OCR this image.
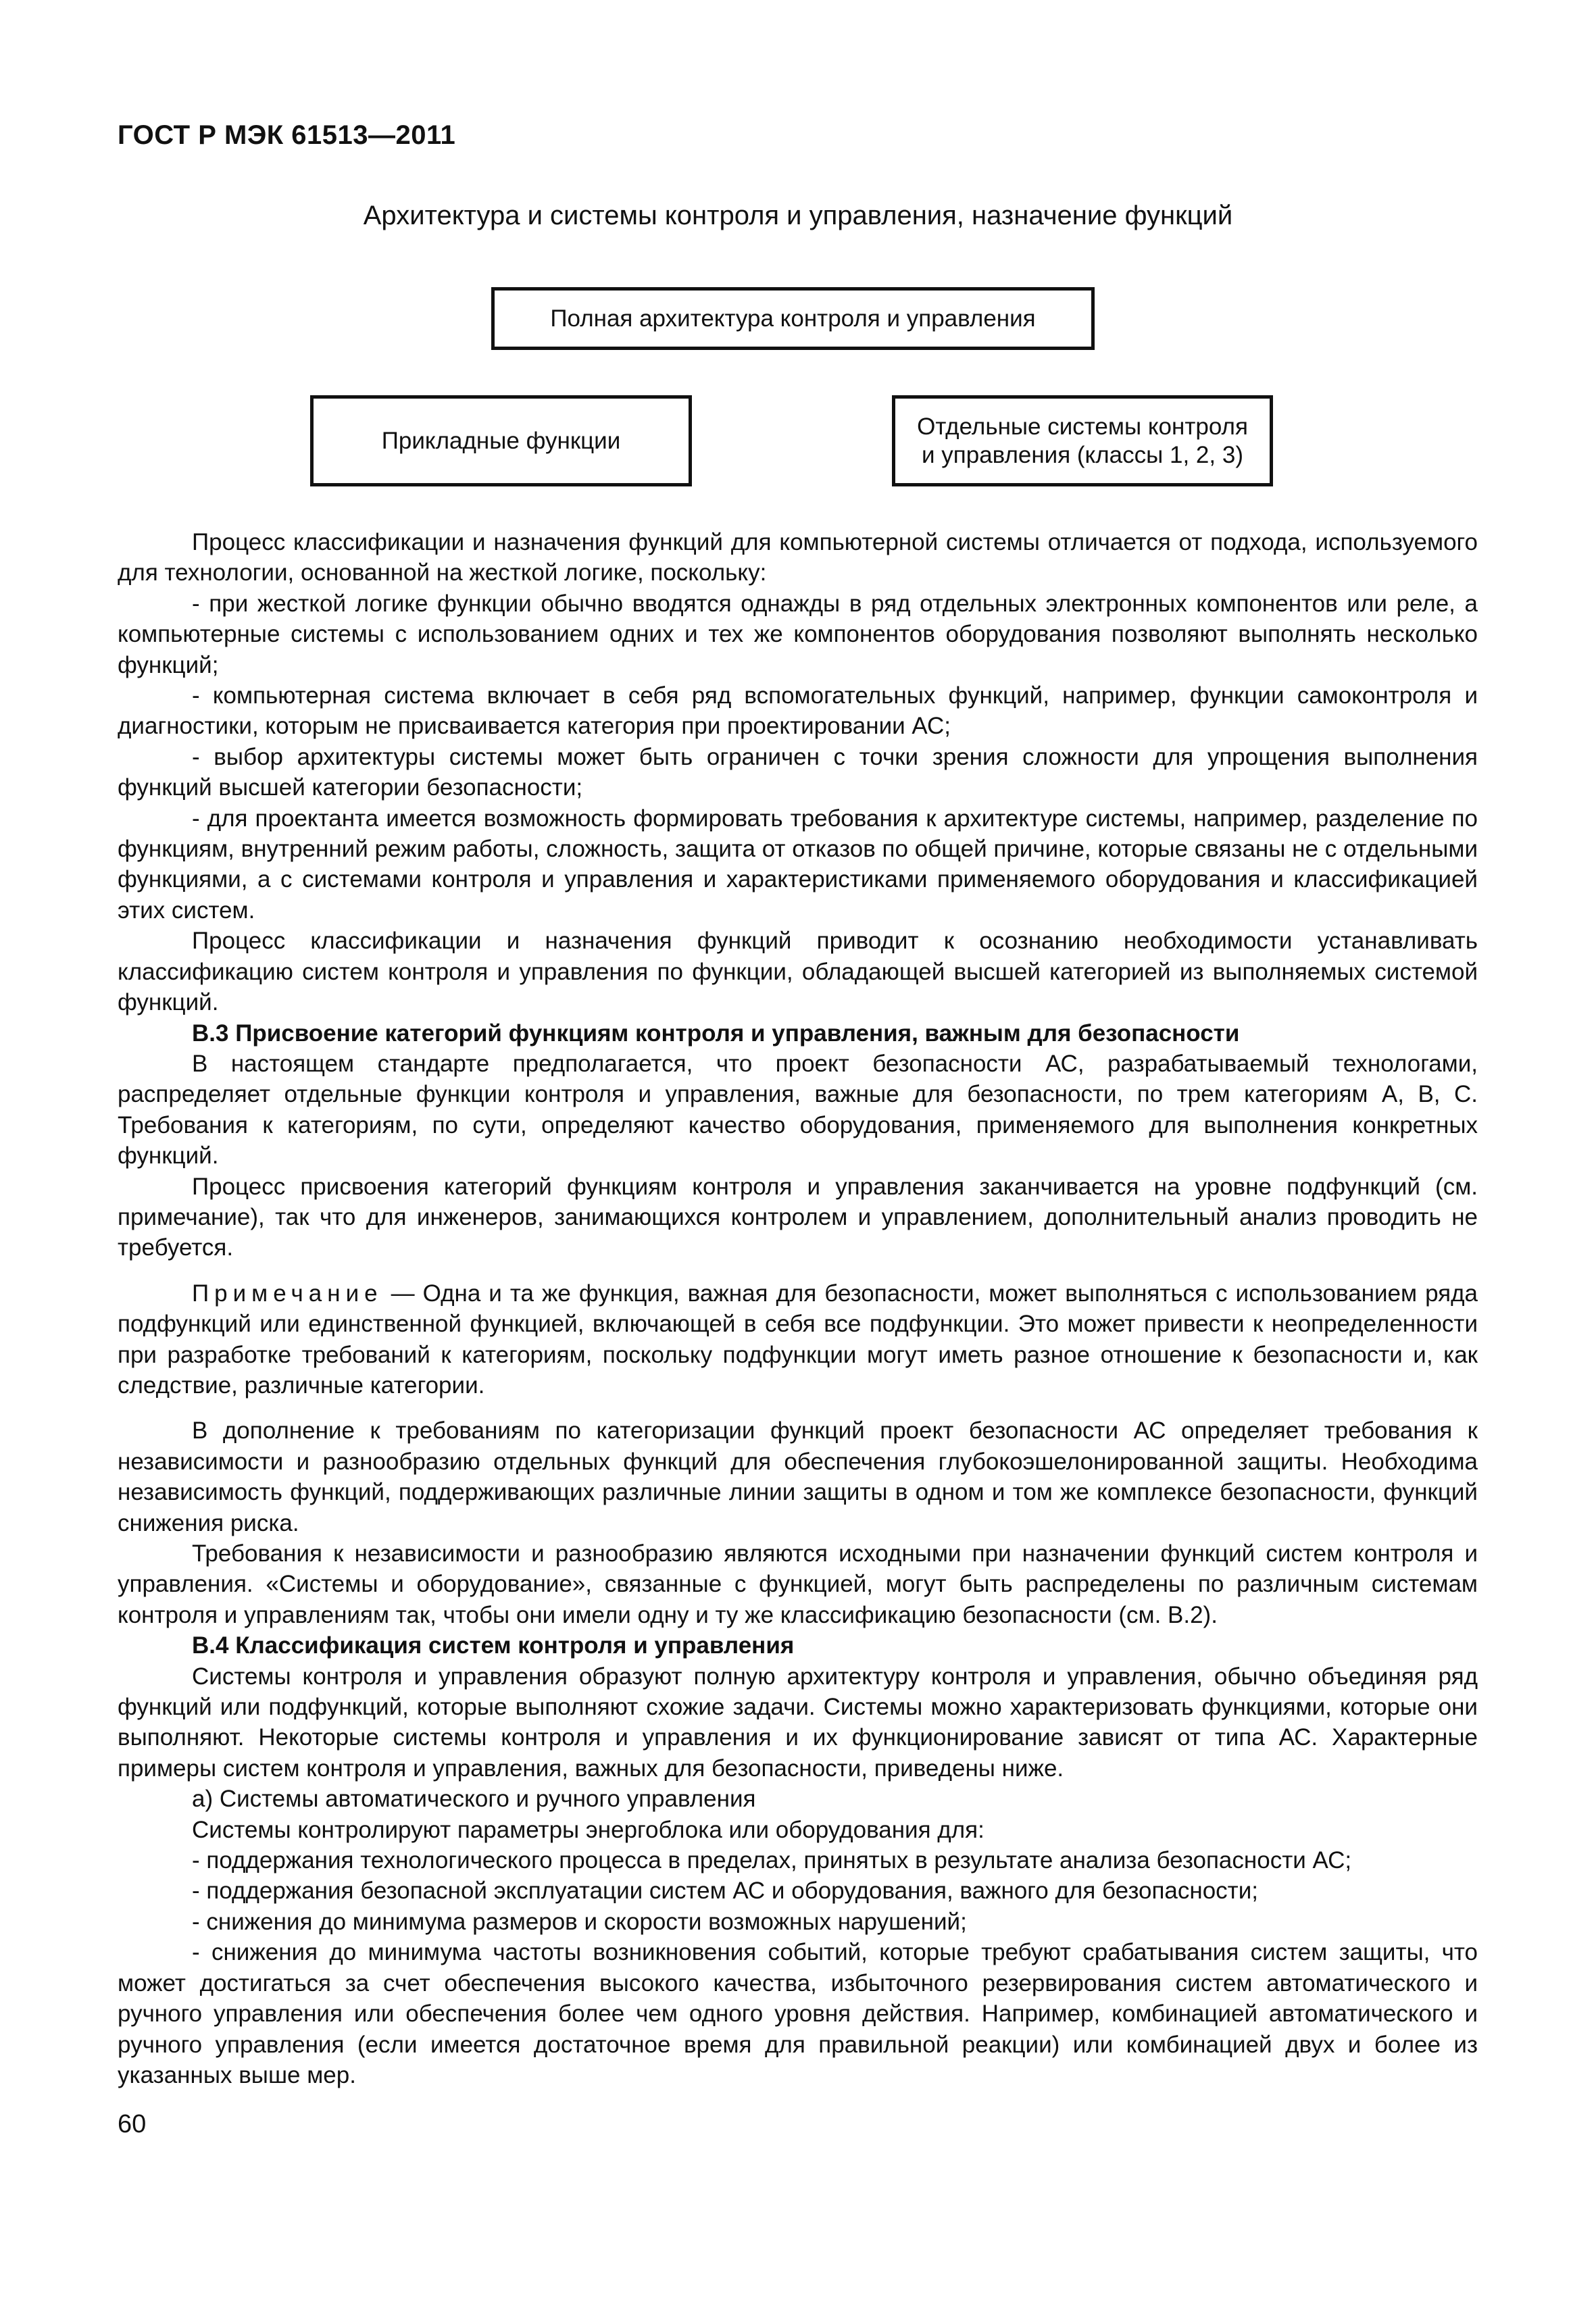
ГОСТ Р МЭК 61513—2011
Архитектура и системы контроля и управления, назначение функций
Полная архитектура контроля и управления
Прикладные функции
Отдельные системы контроля
и управления (классы 1, 2, 3)

Процесс классификации и назначения функций для компьютерной системы отличается от подхода, используемого для технологии, основанной на жесткой логике, поскольку:

- при жесткой логике функции обычно вводятся однажды в ряд отдельных электронных компонентов или реле, а компьютерные системы с использованием одних и тех же компонентов оборудования позволяют выполнять несколько функций;

- компьютерная система включает в себя ряд вспомогательных функций, например, функции самоконтроля и диагностики, которым не присваивается категория при проектировании АС;

- выбор архитектуры системы может быть ограничен с точки зрения сложности для упрощения выполнения функций высшей категории безопасности;

- для проектанта имеется возможность формировать требования к архитектуре системы, например, разделение по функциям, внутренний режим работы, сложность, защита от отказов по общей причине, которые связаны не с отдельными функциями, а с системами контроля и управления и характеристиками применяемого оборудования и классификацией этих систем.

Процесс классификации и назначения функций приводит к осознанию необходимости устанавливать классификацию систем контроля и управления по функции, обладающей высшей категорией из выполняемых системой функций.

В.3 Присвоение категорий функциям контроля и управления, важным для безопасности

В настоящем стандарте предполагается, что проект безопасности АС, разрабатываемый технологами, распределяет отдельные функции контроля и управления, важные для безопасности, по трем категориям А, В, С. Требования к категориям, по сути, определяют качество оборудования, применяемого для выполнения конкретных функций.

Процесс присвоения категорий функциям контроля и управления заканчивается на уровне подфункций (см. примечание), так что для инженеров, занимающихся контролем и управлением, дополнительный анализ проводить не требуется.

Примечание — Одна и та же функция, важная для безопасности, может выполняться с использованием ряда подфункций или единственной функцией, включающей в себя все подфункции. Это может привести к неопределенности при разработке требований к категориям, поскольку подфункции могут иметь разное отношение к безопасности и, как следствие, различные категории.

В дополнение к требованиям по категоризации функций проект безопасности АС определяет требования к независимости и разнообразию отдельных функций для обеспечения глубокоэшелонированной защиты. Необходима независимость функций, поддерживающих различные линии защиты в одном и том же комплексе безопасности, функций снижения риска.

Требования к независимости и разнообразию являются исходными при назначении функций систем контроля и управления. «Системы и оборудование», связанные с функцией, могут быть распределены по различным системам контроля и управлениям так, чтобы они имели одну и ту же классификацию безопасности (см. В.2).

В.4 Классификация систем контроля и управления

Системы контроля и управления образуют полную архитектуру контроля и управления, обычно объединяя ряд функций или подфункций, которые выполняют схожие задачи. Системы можно характеризовать функциями, которые они выполняют. Некоторые системы контроля и управления и их функционирование зависят от типа АС. Характерные примеры систем контроля и управления, важных для безопасности, приведены ниже.

а) Системы автоматического и ручного управления

Системы контролируют параметры энергоблока или оборудования для:

- поддержания технологического процесса в пределах, принятых в результате анализа безопасности АС;

- поддержания безопасной эксплуатации систем АС и оборудования, важного для безопасности;

- снижения до минимума размеров и скорости возможных нарушений;

- снижения до минимума частоты возникновения событий, которые требуют срабатывания систем защиты, что может достигаться за счет обеспечения высокого качества, избыточного резервирования систем автоматического и ручного управления или обеспечения более чем одного уровня действия. Например, комбинацией автоматического и ручного управления (если имеется достаточное время для правильной реакции) или комбинацией двух и более из указанных выше мер.

60
